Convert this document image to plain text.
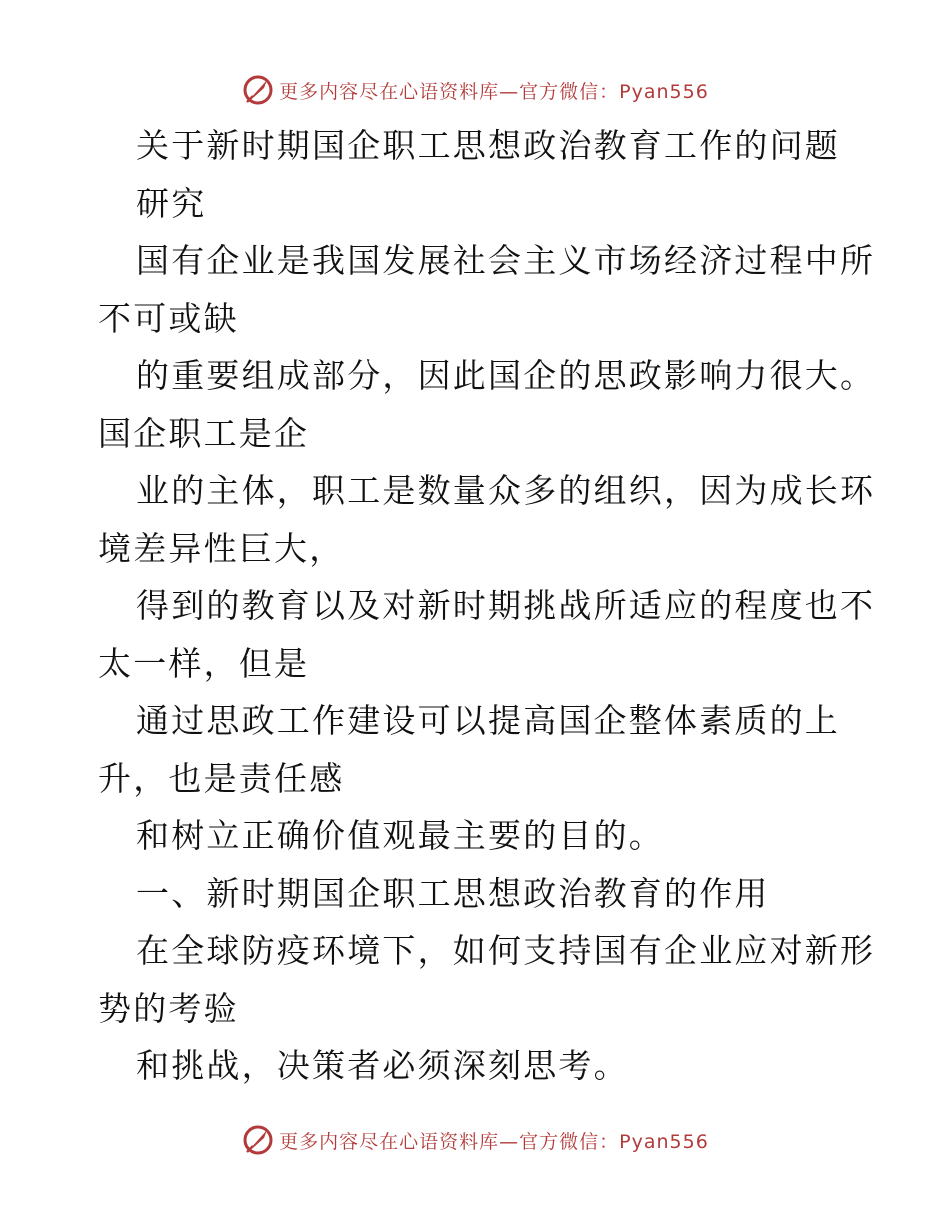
更多内容尽在心语资料库—官方微信：Pyan556
关于新时期国企职工思想政治教育工作的问题
研究
国有企业是我国发展社会主义市场经济过程中所
不可或缺
的重要组成部分，因此国企的思政影响力很大。
国企职工是企
业的主体，职工是数量众多的组织，因为成长环
境差异性巨大，
得到的教育以及对新时期挑战所适应的程度也不
太一样，但是
通过思政工作建设可以提高国企整体素质的上
升，也是责任感
和树立正确价值观最主要的目的。
一、新时期国企职工思想政治教育的作用
在全球防疫环境下，如何支持国有企业应对新形
势的考验
和挑战，决策者必须深刻思考。
更多内容尽在心语资料库—官方微信：Pyan556
